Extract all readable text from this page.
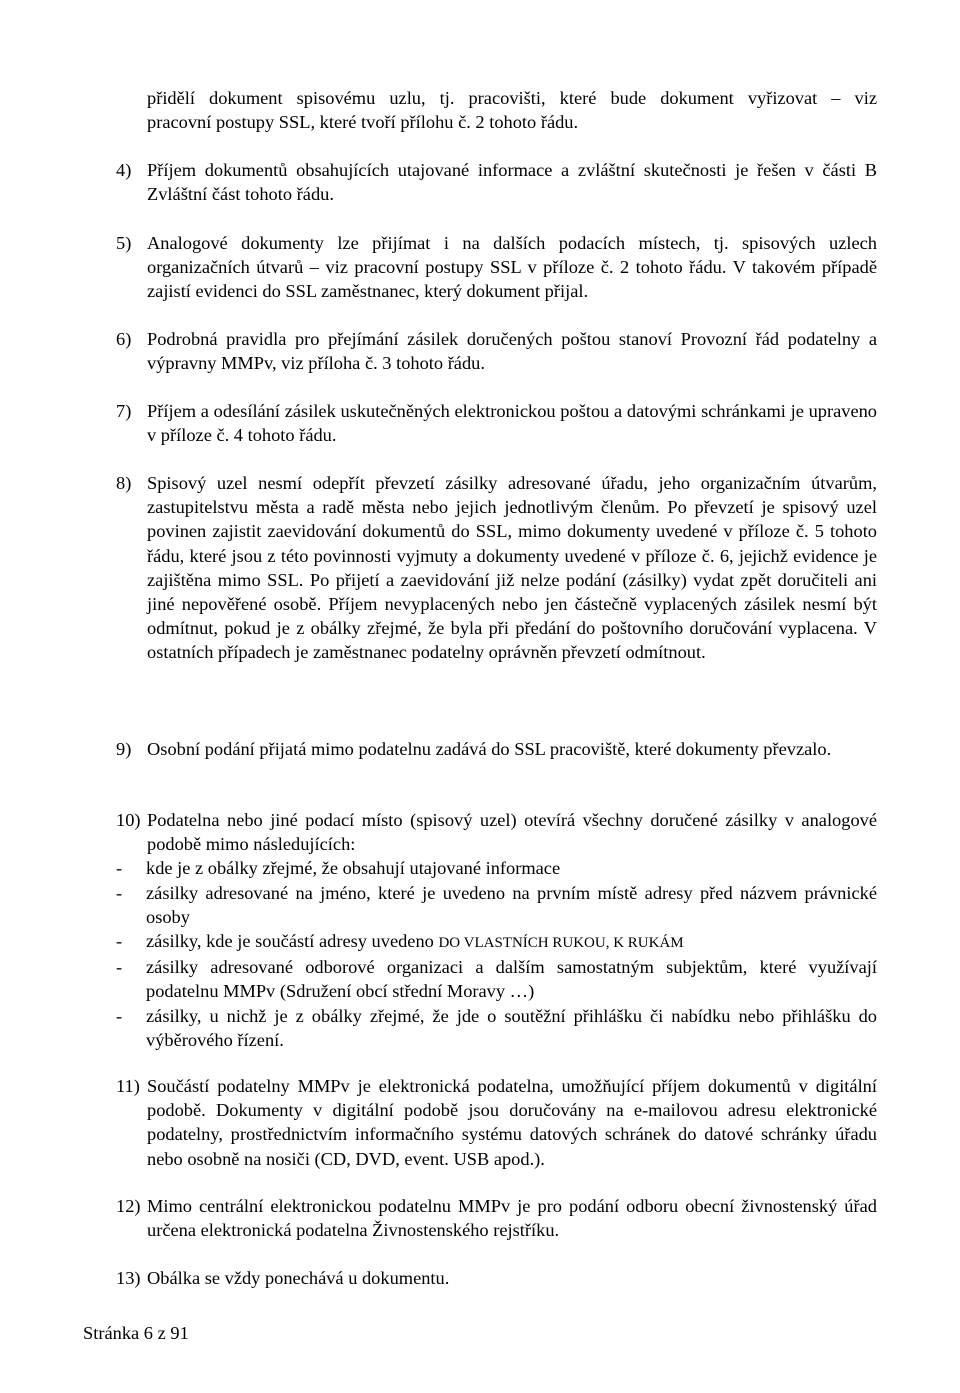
přidělí dokument spisovému uzlu, tj. pracovišti, které bude dokument vyřizovat – viz
pracovní postupy SSL, které tvoří přílohu č. 2 tohoto řádu.
4) Příjem dokumentů obsahujících utajované informace a zvláštní skutečnosti je řešen v části B Zvláštní část tohoto řádu.
5) Analogové dokumenty lze přijímat i na dalších podacích místech, tj. spisových uzlech organizačních útvarů – viz pracovní postupy SSL v příloze č. 2 tohoto řádu. V takovém případě zajistí evidenci do SSL zaměstnanec, který dokument přijal.
6) Podrobná pravidla pro přejímání zásilek doručených poštou stanoví Provozní řád podatelny a výpravny MMPv, viz příloha č. 3 tohoto řádu.
7) Příjem a odesílání zásilek uskutečněných elektronickou poštou a datovými schránkami je upraveno v příloze č. 4 tohoto řádu.
8) Spisový uzel nesmí odepřít převzetí zásilky adresované úřadu, jeho organizačním útvarům, zastupitelstvu města a radě města nebo jejich jednotlivým členům. Po převzetí je spisový uzel povinen zajistit zaevidování dokumentů do SSL, mimo dokumenty uvedené v příloze č. 5 tohoto řádu, které jsou z této povinnosti vyjmuty a dokumenty uvedené v příloze č. 6, jejichž evidence je zajištěna mimo SSL. Po přijetí a zaevidování již nelze podání (zásilky) vydat zpět doručiteli ani jiné nepověřené osobě. Příjem nevyplacených nebo jen částečně vyplacených zásilek nesmí být odmítnut, pokud je z obálky zřejmé, že byla při předání do poštovního doručování vyplacena. V ostatních případech je zaměstnanec podatelny oprávněn převzetí odmítnout.
9) Osobní podání přijatá mimo podatelnu zadává do SSL pracoviště, které dokumenty převzalo.
10) Podatelna nebo jiné podací místo (spisový uzel) otevírá všechny doručené zásilky v analogové podobě mimo následujících:
-	kde je z obálky zřejmé, že obsahují utajované informace
-	zásilky adresované na jméno, které je uvedeno na prvním místě adresy před názvem právnické osoby
-	zásilky, kde je součástí adresy uvedeno DO VLASTNÍCH RUKOU, K RUKÁM
-	zásilky adresované odborové organizaci a dalším samostatným subjektům, které využívají podatelnu MMPv (Sdružení obcí střední Moravy …)
-	zásilky, u nichž je z obálky zřejmé, že jde o soutěžní přihlášku či nabídku nebo přihlášku do výběrového řízení.
11) Součástí podatelny MMPv je elektronická podatelna, umožňující příjem dokumentů v digitální podobě. Dokumenty v digitální podobě jsou doručovány na e-mailovou adresu elektronické podatelny, prostřednictvím informačního systému datových schránek do datové schránky úřadu nebo osobně na nosiči (CD, DVD, event. USB apod.).
12) Mimo centrální elektronickou podatelnu MMPv je pro podání odboru obecní živnostenský úřad určena elektronická podatelna Živnostenského rejstříku.
13) Obálka se vždy ponechává u dokumentu.
Stránka 6 z 91
